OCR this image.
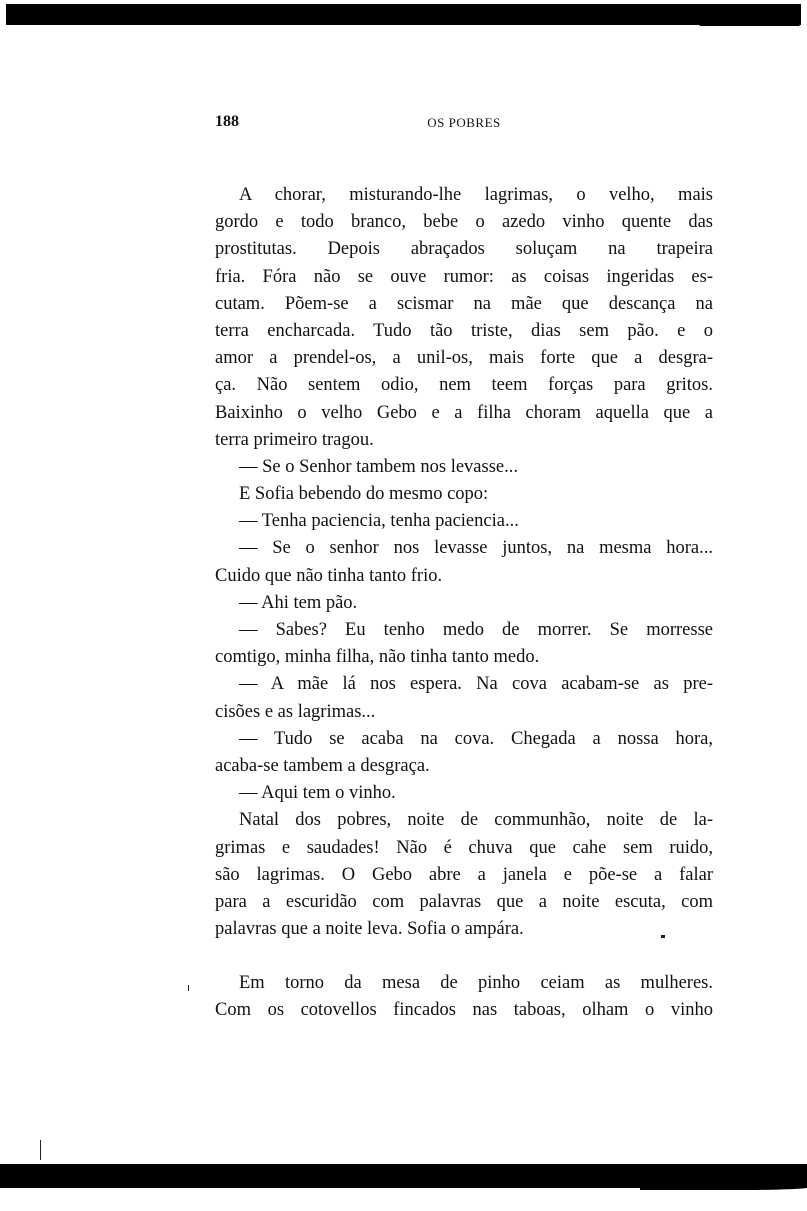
188	OS POBRES
A chorar, misturando-lhe lagrimas, o velho, mais
gordo e todo branco, bebe o azedo vinho quente das
prostitutas. Depois abraçados soluçam na trapeira
fria. Fóra não se ouve rumor: as coisas ingeridas es-
cutam. Põem-se a scismar na mãe que descança na
terra encharcada. Tudo tão triste, dias sem pão. e o
amor a prendel-os, a unil-os, mais forte que a desgra-
ça. Não sentem odio, nem teem forças para gritos.
Baixinho o velho Gebo e a filha choram aquella que a
terra primeiro tragou.
— Se o Senhor tambem nos levasse...
E Sofia bebendo do mesmo copo:
— Tenha paciencia, tenha paciencia...
— Se o senhor nos levasse juntos, na mesma hora...
Cuido que não tinha tanto frio.
— Ahi tem pão.
— Sabes? Eu tenho medo de morrer. Se morresse
comtigo, minha filha, não tinha tanto medo.
— A mãe lá nos espera. Na cova acabam-se as pre-
cisões e as lagrimas...
— Tudo se acaba na cova. Chegada a nossa hora,
acaba-se tambem a desgraça.
— Aqui tem o vinho.
Natal dos pobres, noite de communhão, noite de la-
grimas e saudades! Não é chuva que cahe sem ruido,
são lagrimas. O Gebo abre a janela e põe-se a falar
para a escuridão com palavras que a noite escuta, com
palavras que a noite leva. Sofia o ampára.
Em torno da mesa de pinho ceiam as mulheres.
Com os cotovellos fincados nas taboas, olham o vinho
